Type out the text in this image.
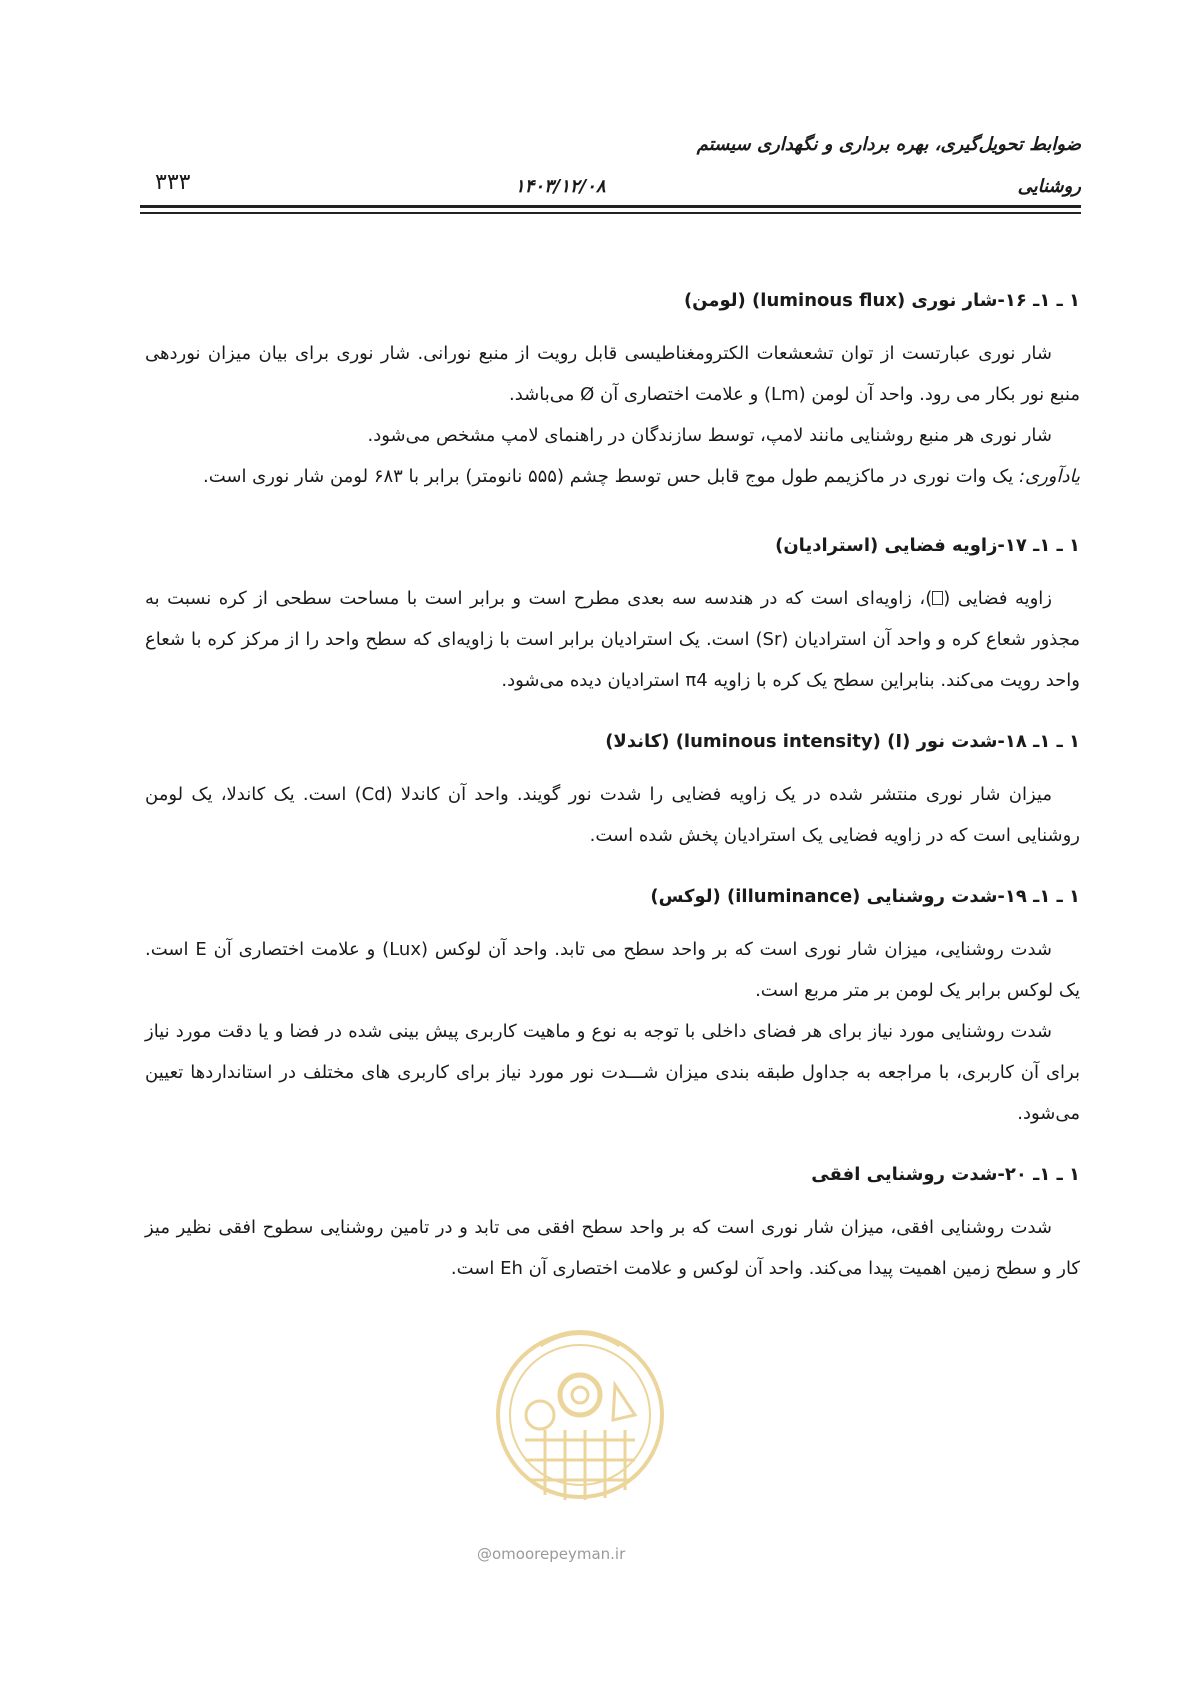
ضوابط تحویل‌گیری، بهره برداری و نگهداری سیستم
روشنایی
۱۴۰۳/۱۲/۰۸
۳۳۳
۱ ـ ۱ـ ۱۶-شار نوری (luminous flux) (لومن)

شار نوری عبارتست از توان تشعشعات الکترومغناطیسی قابل رویت از منبع نورانی. شار نوری برای بیان میزان نوردهی منبع نور بکار می رود. واحد آن لومن (Lm) و علامت اختصاری آن Ø می‌باشد.

شار نوری هر منبع روشنایی مانند لامپ، توسط سازندگان در راهنمای لامپ مشخص می‌شود.

یادآوری: یک وات نوری در ماکزیمم طول موج قابل حس توسط چشم (۵۵۵ نانومتر) برابر با ۶۸۳ لومن شار نوری است.

۱ ـ ۱ـ ۱۷-زاویه فضایی (استرادیان)

زاویه فضایی ()، زاویه‌ای است که در هندسه سه بعدی مطرح است و برابر است با مساحت سطحی از کره نسبت به مجذور شعاع کره و واحد آن استرادیان (Sr) است. یک استرادیان برابر است با زاویه‌ای که سطح واحد را از مرکز کره با شعاع واحد رویت می‌کند. بنابراین سطح یک کره با زاویه π4 استرادیان دیده می‌شود.

۱ ـ ۱ـ ۱۸-شدت نور (I) (luminous intensity) (کاندلا)

میزان شار نوری منتشر شده در یک زاویه فضایی را شدت نور گویند. واحد آن کاندلا (Cd) است. یک کاندلا، یک لومن روشنایی است که در زاویه فضایی یک استرادیان پخش شده است.

۱ ـ ۱ـ ۱۹-شدت روشنایی (illuminance) (لوکس)

شدت روشنایی، میزان شار نوری است که بر واحد سطح می تابد. واحد آن لوکس (Lux) و علامت اختصاری آن E است. یک لوکس برابر یک لومن بر متر مربع است.

شدت روشنایی مورد نیاز برای هر فضای داخلی با توجه به نوع و ماهیت کاربری پیش بینی شده در فضا و یا دقت مورد نیاز برای آن کاربری، با مراجعه به جداول طبقه بندی میزان شـــدت نور مورد نیاز برای کاربری های مختلف در استانداردها تعیین می‌شود.

۱ ـ ۱ـ ۲۰-شدت روشنایی افقی

شدت روشنایی افقی، میزان شار نوری است که بر واحد سطح افقی می تابد و در تامین روشنایی سطوح افقی نظیر میز کار و سطح زمین اهمیت پیدا می‌کند. واحد آن لوکس و علامت اختصاری آن Eh است.

@omoorepeyman.ir
